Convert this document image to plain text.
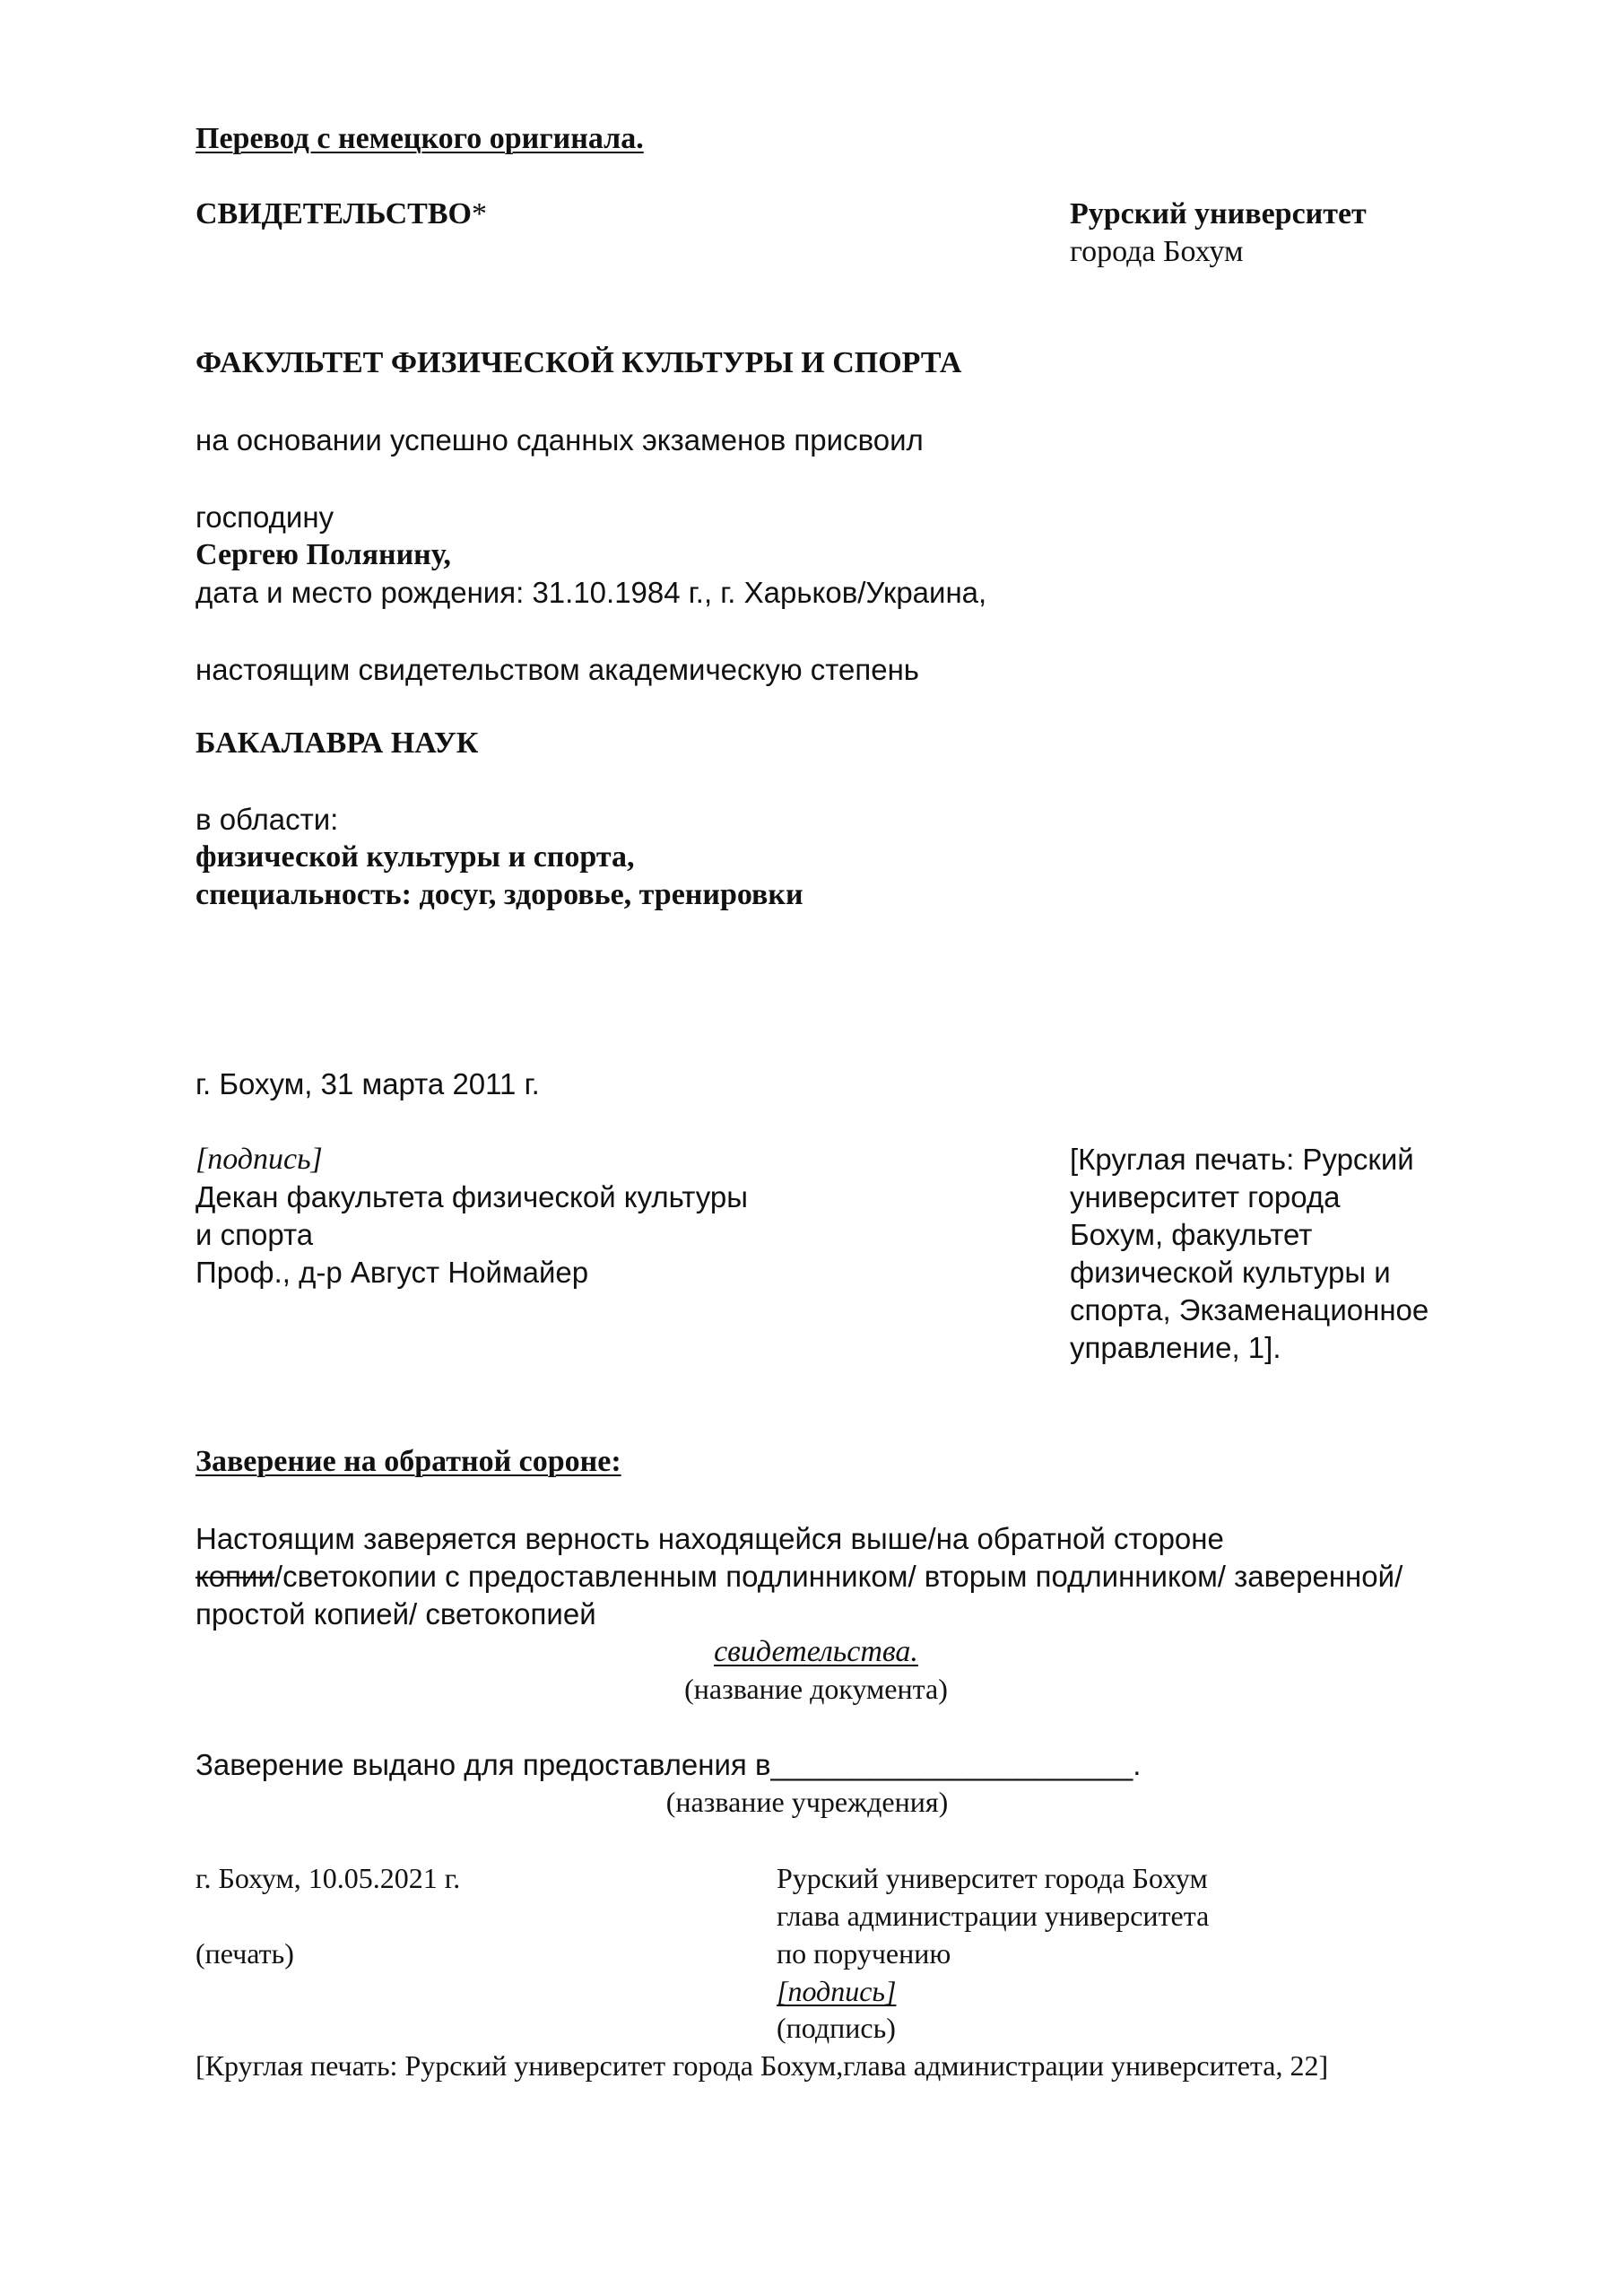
Перевод с немецкого оригинала.
СВИДЕТЕЛЬСТВО*	Рурский университет
города Бохум
ФАКУЛЬТЕТ ФИЗИЧЕСКОЙ КУЛЬТУРЫ И СПОРТА
на основании успешно сданных экзаменов присвоил
господину
Сергею Полянину,
дата и место рождения: 31.10.1984 г., г. Харьков/Украина,
настоящим свидетельством академическую степень
БАКАЛАВРА НАУК
в области:
физической культуры и спорта,
специальность: досуг, здоровье, тренировки
г. Бохум, 31 марта 2011 г.
[подпись]
Декан факультета физической культуры
и спорта
Проф., д-р Август Ноймайер
[Круглая печать: Рурский
университет города
Бохум, факультет
физической культуры и
спорта, Экзаменационное
управление, 1].
Заверение на обратной сороне:
Настоящим заверяется верность находящейся выше/на обратной стороне
копии/светокопии с предоставленным подлинником/ вторым подлинником/ заверенной/
простой копией/ светокопией
свидетельства.
(название документа)
Заверение выдано для предоставления в______________________.
(название учреждения)
г. Бохум, 10.05.2021 г.
(печать)
Рурский университет города Бохум
глава администрации университета
по поручению
[подпись]
(подпись)
[Круглая печать: Рурский университет города Бохум,глава администрации университета, 22]
